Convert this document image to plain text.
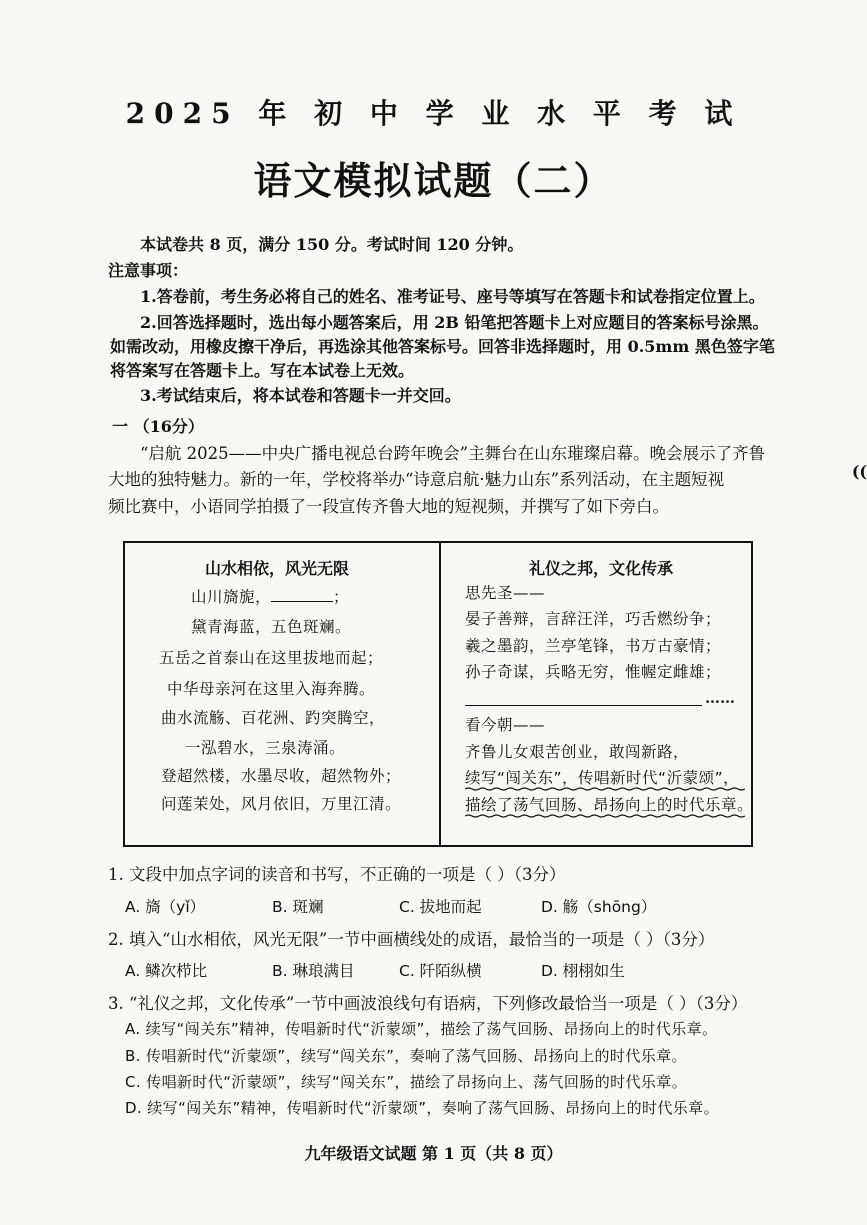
2025 年 初 中 学 业 水 平 考 试
语文模拟试题（二）
本试卷共 8 页，满分 150 分。考试时间 120 分钟。
注意事项：
1.答卷前，考生务必将自己的姓名、准考证号、座号等填写在答题卡和试卷指定位置上。
2.回答选择题时，选出每小题答案后，用 2B 铅笔把答题卡上对应题目的答案标号涂黑。
如需改动，用橡皮擦干净后，再选涂其他答案标号。回答非选择题时，用 0.5mm 黑色签字笔
将答案写在答题卡上。写在本试卷上无效。
3.考试结束后，将本试卷和答题卡一并交回。
一 （16分）
“启航 2025——中央广播电视总台跨年晚会”主舞台在山东璀璨启幕。晚会展示了齐鲁
大地的独特魅力。新的一年，学校将举办“诗意启航·魅力山东”系列活动，在主题短视
频比赛中，小语同学拍摄了一段宣传齐鲁大地的短视频，并撰写了如下旁白。
山水相依，风光无限
山川旖旎，	；
黛青海蓝，五色斑斓。
五岳之首泰山在这里拔地而起；
中华母亲河在这里入海奔腾。
曲水流觞、百花洲、趵突腾空，
一泓碧水，三泉涛涌。
登超然楼，水墨尽收，超然物外；
问莲茉处，风月依旧，万里江清。
礼仪之邦，文化传承
思先圣——
晏子善辩，言辞汪洋，巧舌燃纷争；
羲之墨韵，兰亭笔锋，书万古豪情；
孙子奇谋，兵略无穷，惟幄定雌雄；
……
看今朝——
齐鲁儿女艰苦创业，敢闯新路，
续写“闯关东”，传唱新时代“沂蒙颂”，
描绘了荡气回肠、昂扬向上的时代乐章。
1. 文段中加点字词的读音和书写，不正确的一项是（ ）（3分）
A. 旖（yǐ）	B. 斑斓	C. 拔地而起	D. 觞（shōng）
2. 填入“山水相依，风光无限”一节中画横线处的成语，最恰当的一项是（ ）（3分）
A. 鳞次栉比	B. 琳琅满目	C. 阡陌纵横	D. 栩栩如生
3. “礼仪之邦，文化传承”一节中画波浪线句有语病，下列修改最恰当一项是（ ）（3分）
A. 续写“闯关东”精神，传唱新时代“沂蒙颂”，描绘了荡气回肠、昂扬向上的时代乐章。
B. 传唱新时代“沂蒙颂”，续写“闯关东”，奏响了荡气回肠、昂扬向上的时代乐章。
C. 传唱新时代“沂蒙颂”，续写“闯关东”，描绘了昂扬向上、荡气回肠的时代乐章。
D. 续写“闯关东”精神，传唱新时代“沂蒙颂”，奏响了荡气回肠、昂扬向上的时代乐章。
九年级语文试题 第 1 页（共 8 页）
((
